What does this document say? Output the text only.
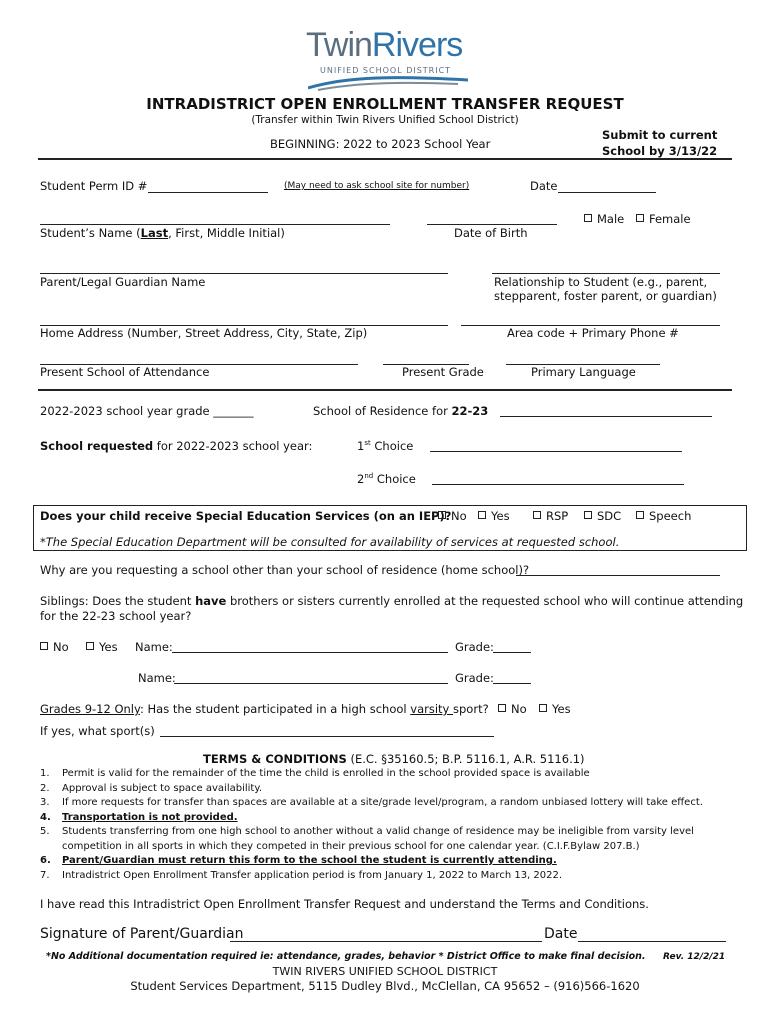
TwinRivers
UNIFIED SCHOOL DISTRICT
INTRADISTRICT OPEN ENROLLMENT TRANSFER REQUEST
(Transfer within Twin Rivers Unified School District)
BEGINNING: 2022 to 2023 School Year
Submit to current
School by 3/13/22
Student Perm ID #	(May need to ask school site for number)	Date
Student’s Name (Last, First, Middle Initial)	Date of Birth
Male	Female
Parent/Legal Guardian Name	Relationship to Student (e.g., parent,
stepparent, foster parent, or guardian)
Home Address (Number, Street Address, City, State, Zip)	Area code + Primary Phone #
Present School of Attendance	Present Grade	Primary Language
2022-2023 school year grade _______	School of Residence for 22-23
School requested for 2022-2023 school year:	1st Choice
2nd Choice
Does your child receive Special Education Services (on an IEP)? No	Yes	RSP	SDC	Speech
*The Special Education Department will be consulted for availability of services at requested school.
Why are you requesting a school other than your school of residence (home school)?
Siblings: Does the student have brothers or sisters currently enrolled at the requested school who will continue attending
for the 22-23 school year?
No	Yes Name:	Grade:
Name:	Grade:
Grades 9-12 Only: Has the student participated in a high school varsity sport?	No	Yes
If yes, what sport(s)
TERMS & CONDITIONS (E.C. §35160.5; B.P. 5116.1, A.R. 5116.1)
1. Permit is valid for the remainder of the time the child is enrolled in the school provided space is available
2. Approval is subject to space availability.
3. If more requests for transfer than spaces are available at a site/grade level/program, a random unbiased lottery will take effect.
4. Transportation is not provided.
5. Students transferring from one high school to another without a valid change of residence may be ineligible from varsity level
competition in all sports in which they competed in their previous school for one calendar year. (C.I.F.Bylaw 207.B.)
6. Parent/Guardian must return this form to the school the student is currently attending.
7. Intradistrict Open Enrollment Transfer application period is from January 1, 2022 to March 13, 2022.
I have read this Intradistrict Open Enrollment Transfer Request and understand the Terms and Conditions.
Signature of Parent/Guardian	Date
*No Additional documentation required ie: attendance, grades, behavior * District Office to make final decision. Rev. 12/2/21
TWIN RIVERS UNIFIED SCHOOL DISTRICT
Student Services Department, 5115 Dudley Blvd., McClellan, CA 95652 – (916)566-1620
